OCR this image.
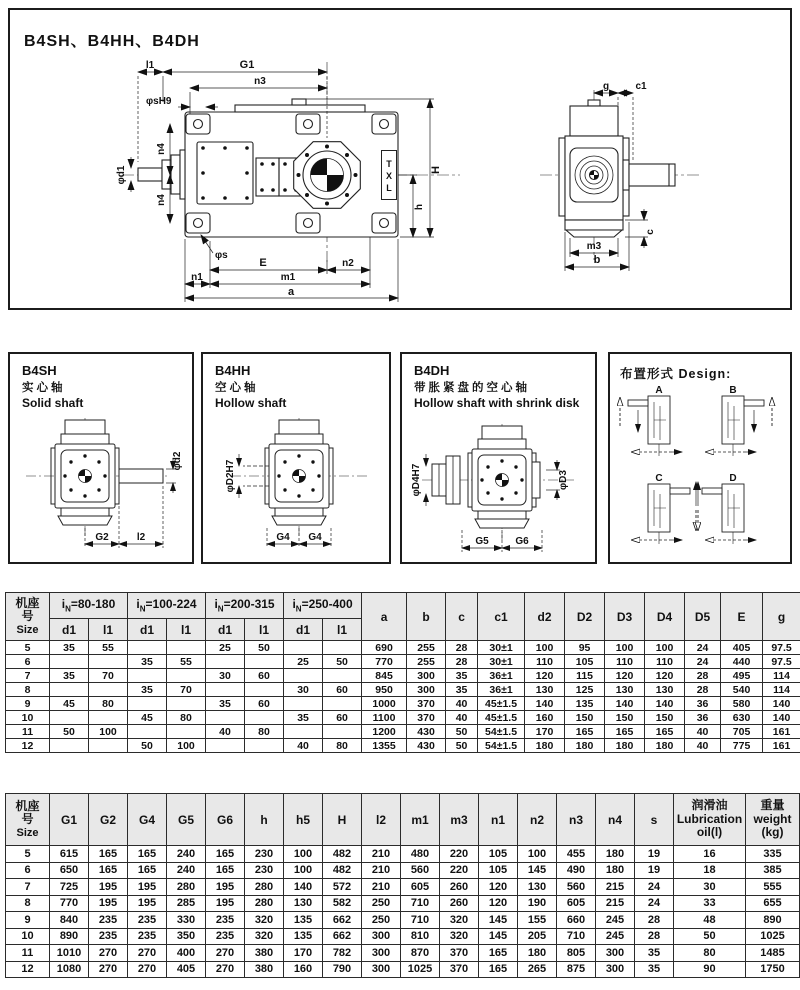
l1	G1
n3
φsH9
φd1
n4
n4
H
h
φs
E	n2
n1	m1
a
g	c1
m3
b
c
B4SH、B4HH、B4DH
TXL
B4SH
实心轴
Solid shaft
φd2
G2	l2
B4HH
空心轴
Hollow shaft
φD2H7
G4 G4
B4DH
带胀紧盘的空心轴
Hollow shaft with shrink disk
φD4H7	φD3
G5	G6
布置形式 Design:
A	B
C	D
机座
号
Size	$i_N=80-180$		$i_N=100-224$		$i_N=200-315$		$i_N=250-400$		a	b	c	c1	d2	D2	D3	D4	D5	E	g
	d1	l1	d1	l1	d1	l1	d1	l1											
5	35	55			25	50			690	255	28	30±1	100	95	100	100	24	405	97.5
6			35	55			25	50	770	255	28	30±1	110	105	110	110	24	440	97.5
7	35	70			30	60			845	300	35	36±1	120	115	120	120	28	495	114
8			35	70			30	60	950	300	35	36±1	130	125	130	130	28	540	114
9	45	80			35	60			1000	370	40	45±1.5	140	135	140	140	36	580	140
10			45	80			35	60	1100	370	40	45±1.5	160	150	150	150	36	630	140
11	50	100			40	80			1200	430	50	54±1.5	170	165	165	165	40	705	161
12			50	100			40	80	1355	430	50	54±1.5	180	180	180	180	40	775	161
机座
号
Size
	G1	G2	G4	G5	G6	h	h5	H	l2	m1	m3	n1	n2	n3	n4	s	
润滑油
Lubrication
oil(l)

重量
weight
(kg)

5	615	165	165	240	165	230	100	482	210	480	220	105	100	455	180	19	16	335
6	650	165	165	240	165	230	100	482	210	560	220	105	145	490	180	19	18	385
7	725	195	195	280	195	280	140	572	210	605	260	120	130	560	215	24	30	555
8	770	195	195	285	195	280	130	582	250	710	260	120	190	605	215	24	33	655
9	840	235	235	330	235	320	135	662	250	710	320	145	155	660	245	28	48	890
10	890	235	235	350	235	320	135	662	300	810	320	145	205	710	245	28	50	1025
11	1010	270	270	400	270	380	170	782	300	870	370	165	180	805	300	35	80	1485
12	1080	270	270	405	270	380	160	790	300	1025	370	165	265	875	300	35	90	1750
